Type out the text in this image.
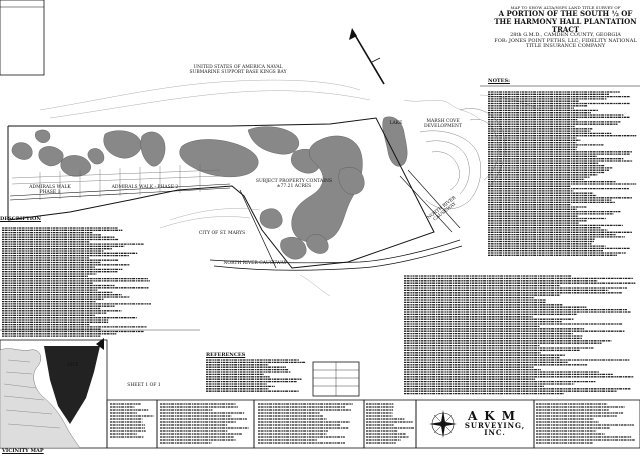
MAP TO SHOW ALTA/NSPS LAND TITLE SURVEY OF
A PORTION OF THE SOUTH ½ OF
THE HARMONY HALL PLANTATION TRACT
28th G.M.D., CAMDEN COUNTY, GEORGIA
FOR: JONES POINT PETHS, LLC; FIDELITY NATIONAL
TITLE INSURANCE COMPANY
UNITED STATES OF AMERICA NAVAL
SUBMARINE SUPPORT BASE KINGS BAY
SUBJECT PROPERTY CONTAINS
±77.21 ACRES
CITY OF ST. MARYS
NORTH RIVER CAUSEWAY
NORTH RIVER CAUSEWAY
ADMIRALS WALK
PHASE 1
ADMIRALS WALK - PHASE 2
MARSH COVE
DEVELOPMENT
LAKE
NOTES:
DESCRIPTION
VICINITY MAP
REFERENCES
SITE
SHEET 1 OF 1
AKM
SURVEYING, INC.
